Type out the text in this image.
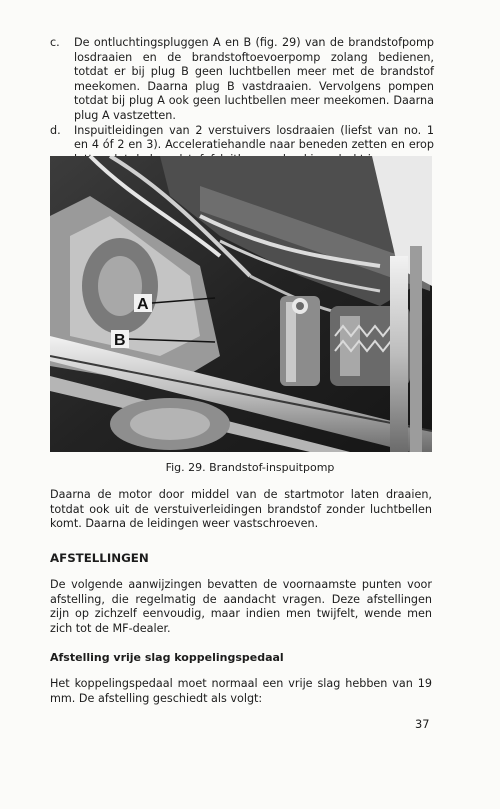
c. De ontluchtingspluggen A en B (fig. 29) van de brandstofpomp losdraaien en de brandstoftoevoerpomp zolang bedienen, totdat er bij plug B geen luchtbellen meer met de brandstof meekomen. Daarna plug B vastdraaien. Vervolgens pompen totdat bij plug A ook geen luchtbellen meer meekomen. Daarna plug A vastzetten.
d. Inspuitleidingen van 2 verstuivers losdraaien (liefst van no. 1 en 4 óf 2 en 3). Acceleratiehandle naar beneden zetten en erop
A
B
Fig. 29. Brandstof-inspuitpomp

Daarna de motor door middel van de startmotor laten draaien, totdat ook uit de verstuiverleidingen brandstof zonder luchtbellen komt. Daarna de leidingen weer vastschroeven.

AFSTELLINGEN

De volgende aanwijzingen bevatten de voornaamste punten voor afstelling, die regelmatig de aandacht vragen. Deze afstellingen zijn op zichzelf eenvoudig, maar indien men twijfelt, wende men zich tot de MF-dealer.

Afstelling vrije slag koppelingspedaal

Het koppelingspedaal moet normaal een vrije slag hebben van 19 mm. De afstelling geschiedt als volgt:

37
